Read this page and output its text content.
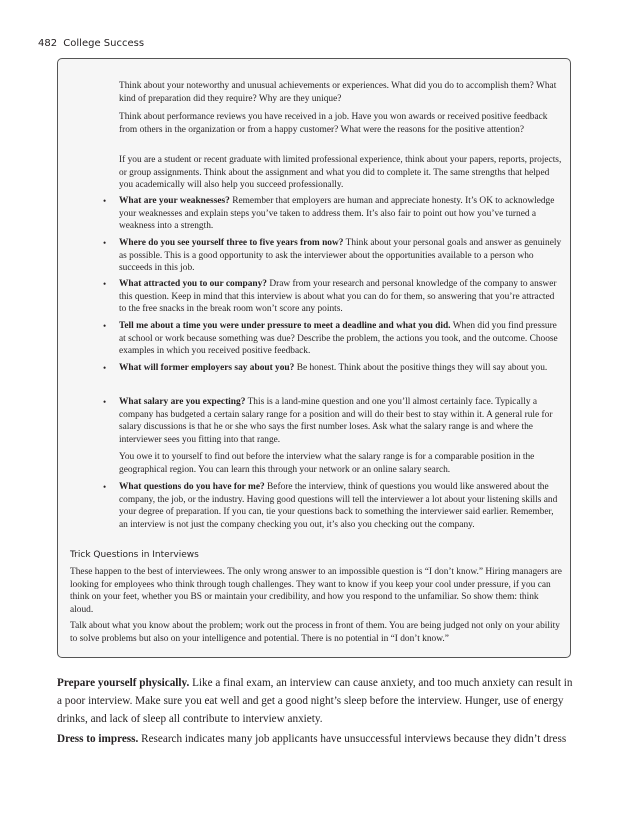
482 College Success

Think about your noteworthy and unusual achievements or experiences. What did you do to accomplish them? What kind of preparation did they require? Why are they unique?

Think about performance reviews you have received in a job. Have you won awards or received positive feedback from others in the organization or from a happy customer? What were the reasons for the positive attention?

If you are a student or recent graduate with limited professional experience, think about your papers, reports, projects, or group assignments. Think about the assignment and what you did to complete it. The same strengths that helped you academically will also help you succeed professionally.

• What are your weaknesses? Remember that employers are human and appreciate honesty. It’s OK to acknowledge your weaknesses and explain steps you’ve taken to address them. It’s also fair to point out how you’ve turned a weakness into a strength.

• Where do you see yourself three to five years from now? Think about your personal goals and answer as genuinely as possible. This is a good opportunity to ask the interviewer about the opportunities available to a person who succeeds in this job.

• What attracted you to our company? Draw from your research and personal knowledge of the company to answer this question. Keep in mind that this interview is about what you can do for them, so answering that you’re attracted to the free snacks in the break room won’t score any points.

• Tell me about a time you were under pressure to meet a deadline and what you did. When did you find pressure at school or work because something was due? Describe the problem, the actions you took, and the outcome. Choose examples in which you received positive feedback.

• What will former employers say about you? Be honest. Think about the positive things they will say about you.

• What salary are you expecting? This is a land-mine question and one you’ll almost certainly face. Typically a company has budgeted a certain salary range for a position and will do their best to stay within it. A general rule for salary discussions is that he or she who says the first number loses. Ask what the salary range is and where the interviewer sees you fitting into that range.

You owe it to yourself to find out before the interview what the salary range is for a comparable position in the geographical region. You can learn this through your network or an online salary search.

• What questions do you have for me? Before the interview, think of questions you would like answered about the company, the job, or the industry. Having good questions will tell the interviewer a lot about your listening skills and your degree of preparation. If you can, tie your questions back to something the interviewer said earlier. Remember, an interview is not just the company checking you out, it’s also you checking out the company.

Trick Questions in Interviews

These happen to the best of interviewees. The only wrong answer to an impossible question is “I don’t know.” Hiring managers are looking for employees who think through tough challenges. They want to know if you keep your cool under pressure, if you can think on your feet, whether you BS or maintain your credibility, and how you respond to the unfamiliar. So show them: think aloud.

Talk about what you know about the problem; work out the process in front of them. You are being judged not only on your ability to solve problems but also on your intelligence and potential. There is no potential in “I don’t know.”

Prepare yourself physically. Like a final exam, an interview can cause anxiety, and too much anxiety can result in a poor interview. Make sure you eat well and get a good night’s sleep before the interview. Hunger, use of energy drinks, and lack of sleep all contribute to interview anxiety.

Dress to impress. Research indicates many job applicants have unsuccessful interviews because they didn’t dress
